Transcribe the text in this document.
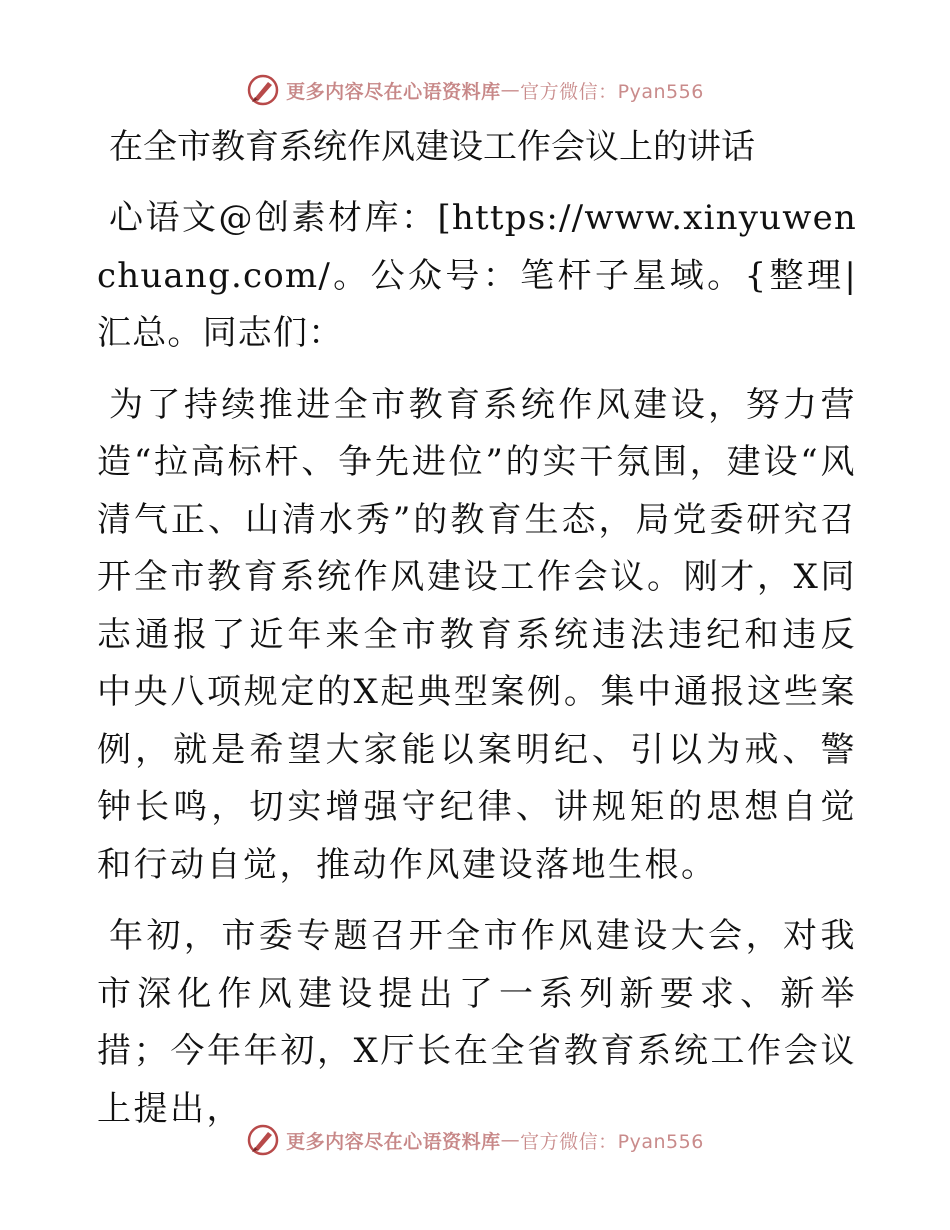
更多内容尽在心语资料库 — 官方微信：Pyan556
在全市教育系统作风建设工作会议上的讲话

心语文@创素材库：[https://www.xinyuwenchuang.com/。公众号：笔杆子星域。{整理|汇总。同志们：

为了持续推进全市教育系统作风建设，努力营造“拉高标杆、争先进位”的实干氛围，建设“风清气正、山清水秀”的教育生态，局党委研究召开全市教育系统作风建设工作会议。刚才，X同志通报了近年来全市教育系统违法违纪和违反中央八项规定的X起典型案例。集中通报这些案例，就是希望大家能以案明纪、引以为戒、警钟长鸣，切实增强守纪律、讲规矩的思想自觉和行动自觉，推动作风建设落地生根。

年初，市委专题召开全市作风建设大会，对我市深化作风建设提出了一系列新要求、新举措；今年年初，X厅长在全省教育系统工作会议上提出，

更多内容尽在心语资料库 — 官方微信：Pyan556
